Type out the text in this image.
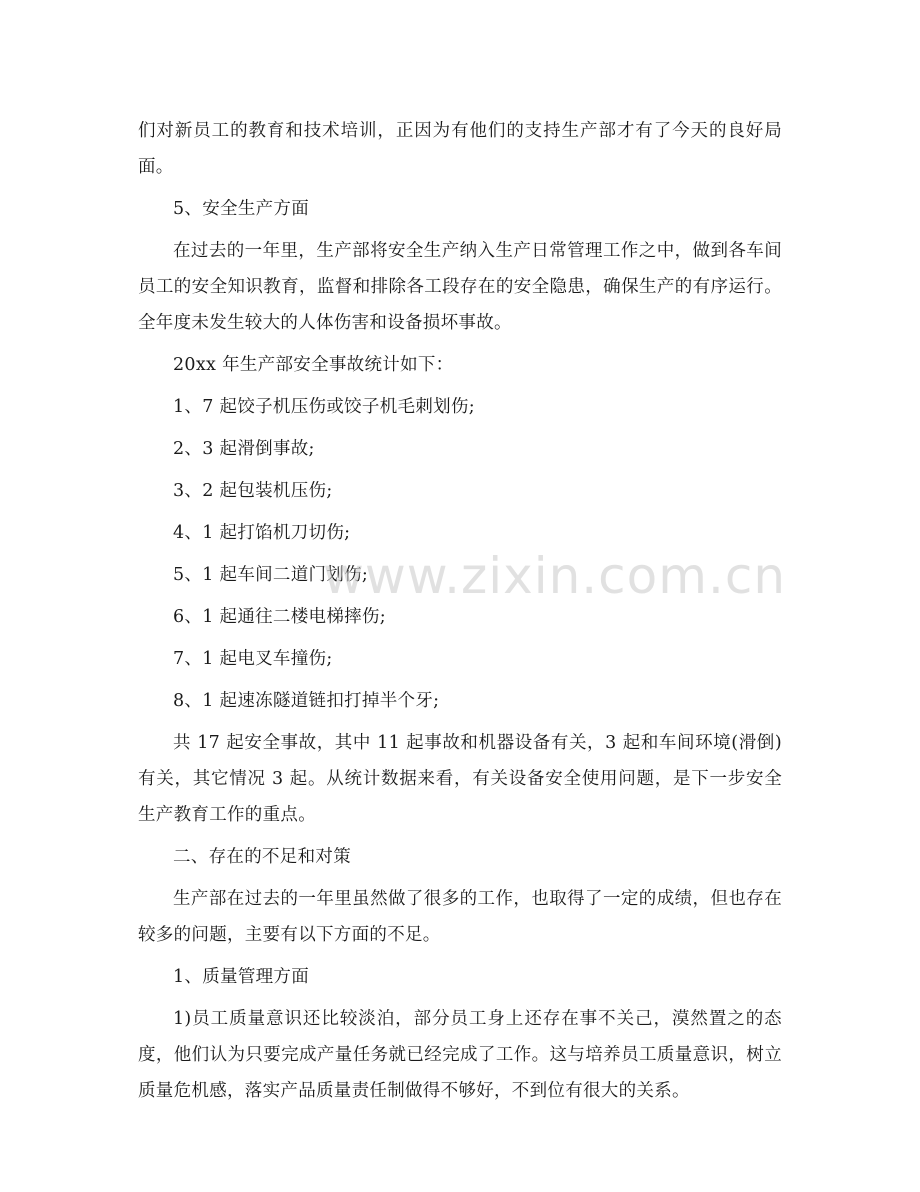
们对新员工的教育和技术培训，正因为有他们的支持生产部才有了今天的良好局面。

5、安全生产方面

在过去的一年里，生产部将安全生产纳入生产日常管理工作之中，做到各车间员工的安全知识教育，监督和排除各工段存在的安全隐患，确保生产的有序运行。全年度未发生较大的人体伤害和设备损坏事故。

20xx 年生产部安全事故统计如下：

1、7 起饺子机压伤或饺子机毛刺划伤;

2、3 起滑倒事故;

3、2 起包装机压伤;

4、1 起打馅机刀切伤;

5、1 起车间二道门划伤;

6、1 起通往二楼电梯摔伤;

7、1 起电叉车撞伤;

8、1 起速冻隧道链扣打掉半个牙;

共 17 起安全事故，其中 11 起事故和机器设备有关，3 起和车间环境(滑倒)有关，其它情况 3 起。从统计数据来看，有关设备安全使用问题，是下一步安全生产教育工作的重点。

二、存在的不足和对策

生产部在过去的一年里虽然做了很多的工作，也取得了一定的成绩，但也存在较多的问题，主要有以下方面的不足。

1、质量管理方面

1)员工质量意识还比较淡泊，部分员工身上还存在事不关己，漠然置之的态度，他们认为只要完成产量任务就已经完成了工作。这与培养员工质量意识，树立质量危机感，落实产品质量责任制做得不够好，不到位有很大的关系。

www.zixin.com.cn
